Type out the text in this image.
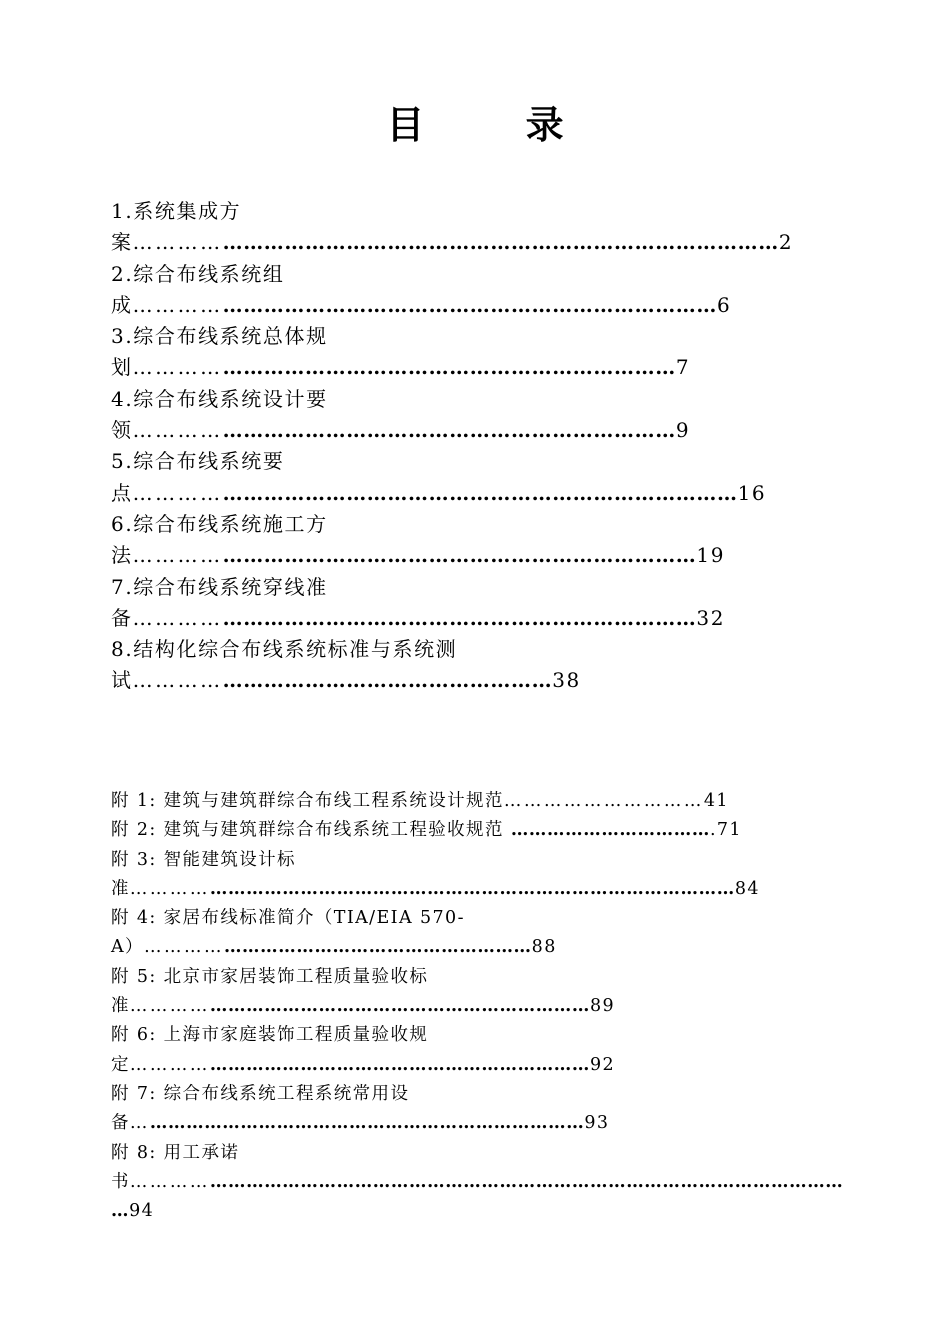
目 录
1.系统集成方案…………………………………………………………………………………2
2.综合布线系统组成…………………………………………………………………………6
3.综合布线系统总体规划……………………………………………………………………7
4.综合布线系统设计要领……………………………………………………………………9
5.综合布线系统要点……………………………………………………………………………16
6.综合布线系统施工方法………………………………………………………………………19
7.综合布线系统穿线准备………………………………………………………………………32
8.结构化综合布线系统标准与系统测试……………………………………………………38
附 1: 建筑与建筑群综合布线工程系统设计规范…………………………41
附 2: 建筑与建筑群综合布线系统工程验收规范 …………………………….71
附 3: 智能建筑设计标准………………………………………………………………………………………84
附 4: 家居布线标准简介（TIA/EIA 570-A）………………………………………………………88
附 5: 北京市家居装饰工程质量验收标准…………………………………………………………………89
附 6: 上海市家庭装饰工程质量验收规定…………………………………………………………………92
附 7: 综合布线系统工程系统常用设备…………………………………………………………………93
附 8: 用工承诺书…………………………………………………………………………………………………………94
